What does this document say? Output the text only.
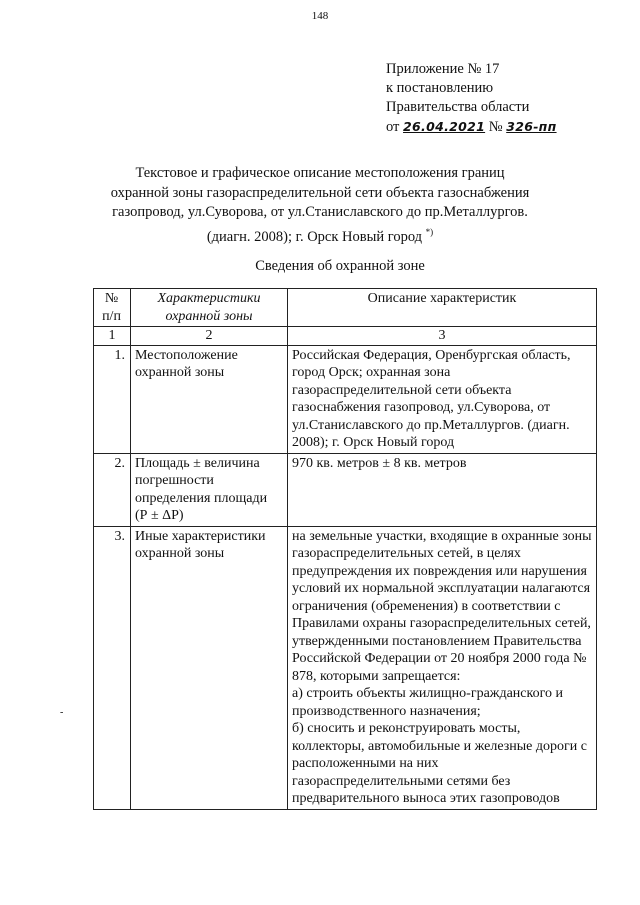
148
Приложение № 17
к постановлению
Правительства области
от 26.04.2021 № 326-пп
Текстовое и графическое описание местоположения границ
охранной зоны газораспределительной сети объекта газоснабжения
газопровод, ул.Суворова, от ул.Станиславского до пр.Металлургов.
(диагн. 2008); г. Орск Новый город *)
Сведения об охранной зоне
№ п/п	Характеристики охранной зоны	Описание характеристик
1	2	3
1.	Местоположение охранной зоны	Российская Федерация, Оренбургская область, город Орск; охранная зона газораспределительной сети объекта газоснабжения газопровод, ул.Суворова, от ул.Станиславского до пр.Металлургов. (диагн. 2008); г. Орск Новый город
2.	Площадь ± величина погрешности определения площади (Р ± ΔР)	970 кв. метров ± 8 кв. метров
3.	Иные характеристики охранной зоны	на земельные участки, входящие в охранные зоны газораспределительных сетей, в целях предупреждения их повреждения или нарушения условий их нормальной эксплуатации налагаются ограничения (обременения) в соответствии с Правилами охраны газораспределительных сетей, утвержденными постановлением Правительства Российской Федерации от 20 ноября 2000 года № 878, которыми запрещается:
а) строить объекты жилищно-гражданского и производственного назначения;
б) сносить и реконструировать мосты, коллекторы, автомобильные и железные дороги с расположенными на них газораспределительными сетями без предварительного выноса этих газопроводов
-
